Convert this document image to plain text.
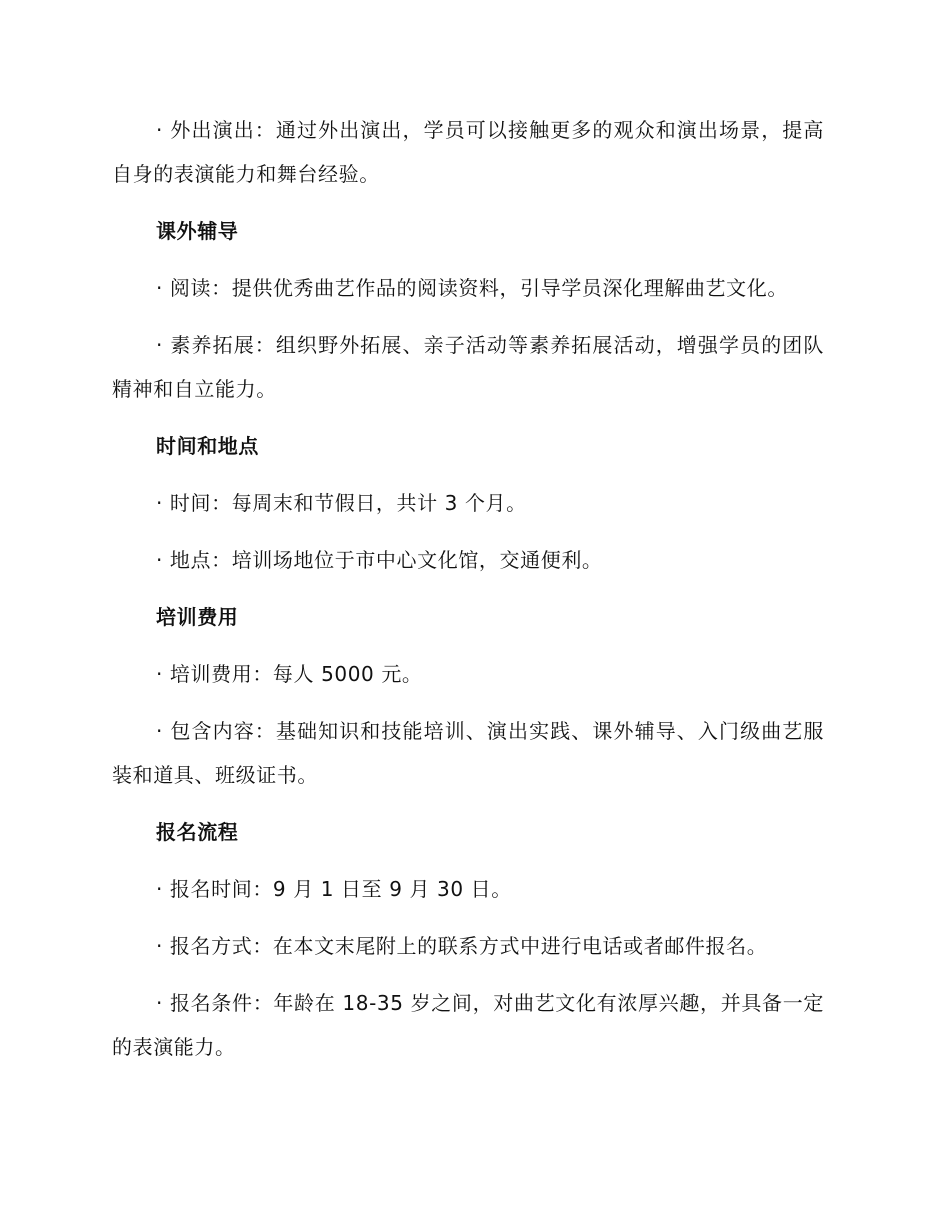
· 外出演出：通过外出演出，学员可以接触更多的观众和演出场景，提高自身的表演能力和舞台经验。

课外辅导

· 阅读：提供优秀曲艺作品的阅读资料，引导学员深化理解曲艺文化。

· 素养拓展：组织野外拓展、亲子活动等素养拓展活动，增强学员的团队精神和自立能力。

时间和地点

· 时间：每周末和节假日，共计 3 个月。

· 地点：培训场地位于市中心文化馆，交通便利。

培训费用

· 培训费用：每人 5000 元。

· 包含内容：基础知识和技能培训、演出实践、课外辅导、入门级曲艺服装和道具、班级证书。

报名流程

· 报名时间：9 月 1 日至 9 月 30 日。

· 报名方式：在本文末尾附上的联系方式中进行电话或者邮件报名。

· 报名条件：年龄在 18-35 岁之间，对曲艺文化有浓厚兴趣，并具备一定的表演能力。
